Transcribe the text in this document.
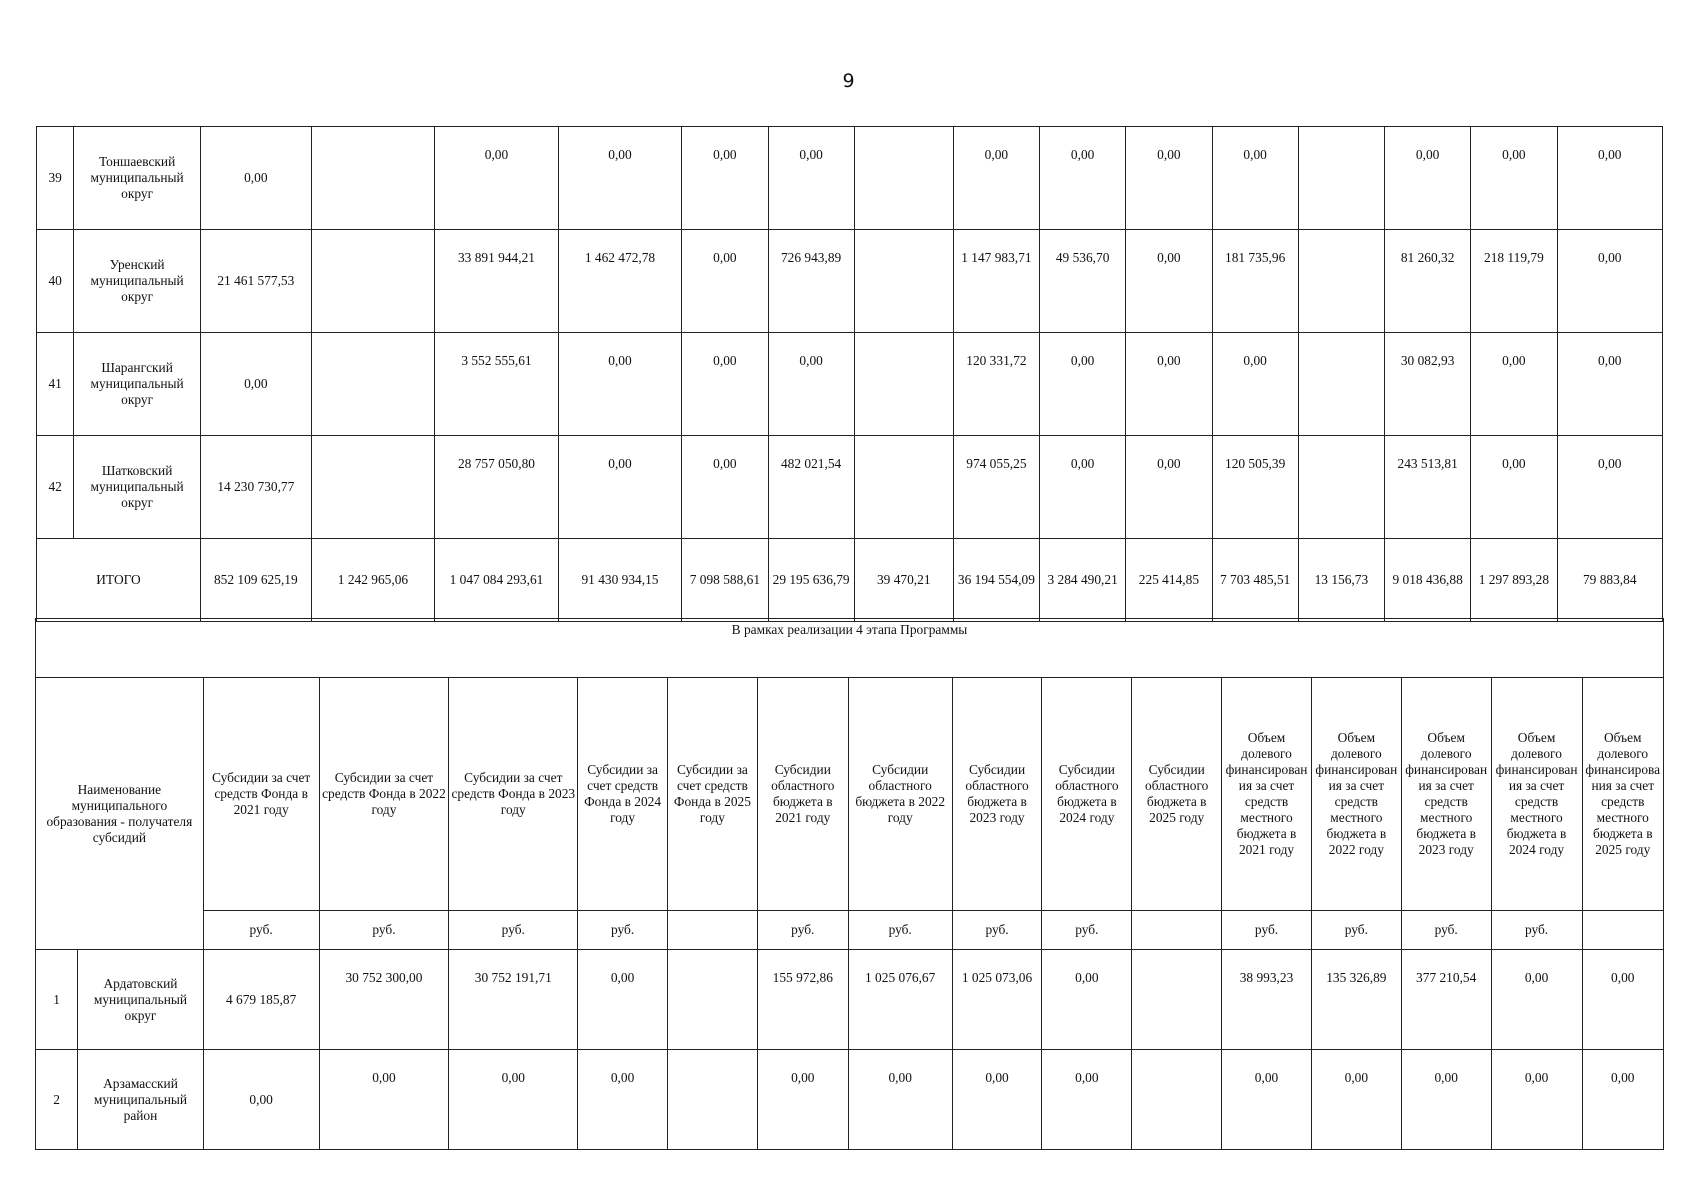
9
39	Тоншаевский муниципальный округ	0,00		0,00	0,00	0,00	0,00		0,00	0,00	0,00	0,00		0,00	0,00	0,00
40	Уренский муниципальный округ	21 461 577,53		33 891 944,21	1 462 472,78	0,00	726 943,89		1 147 983,71	49 536,70	0,00	181 735,96		81 260,32	218 119,79	0,00
41	Шарангский муниципальный округ	0,00		3 552 555,61	0,00	0,00	0,00		120 331,72	0,00	0,00	0,00		30 082,93	0,00	0,00
42	Шатковский муниципальный округ	14 230 730,77		28 757 050,80	0,00	0,00	482 021,54		974 055,25	0,00	0,00	120 505,39		243 513,81	0,00	0,00
ИТОГО		852 109 625,19	1 242 965,06	1 047 084 293,61	91 430 934,15	7 098 588,61	29 195 636,79	39 470,21	36 194 554,09	3 284 490,21	225 414,85	7 703 485,51	13 156,73	9 018 436,88	1 297 893,28	79 883,84
В рамках реализации 4 этапа Программы																
Наименование муниципального образования - получателя субсидий		Субсидии за счет средств Фонда в 2021 году	Субсидии за счет средств Фонда в 2022 году	Субсидии за счет средств Фонда в 2023 году	Субсидии за счет средств Фонда в 2024 году	Субсидии за счет средств Фонда в 2025 году	Субсидии областного бюджета в 2021 году	Субсидии областного бюджета в 2022 году	Субсидии областного бюджета в 2023 году	Субсидии областного бюджета в 2024 году	Субсидии областного бюджета в 2025 году	Объем долевого финансирования за счет средств местного бюджета в 2021 году	Объем долевого финансирования за счет средств местного бюджета в 2022 году	Объем долевого финансирования за счет средств местного бюджета в 2023 году	Объем долевого финансирования за счет средств местного бюджета в 2024 году	Объем долевого финансирования за счет средств местного бюджета в 2025 году
		руб.	руб.	руб.	руб.		руб.	руб.	руб.	руб.		руб.	руб.	руб.	руб.	
1	Ардатовский муниципальный округ	4 679 185,87	30 752 300,00	30 752 191,71	0,00		155 972,86	1 025 076,67	1 025 073,06	0,00		38 993,23	135 326,89	377 210,54	0,00	0,00
2	Арзамасский муниципальный район	0,00	0,00	0,00	0,00		0,00	0,00	0,00	0,00		0,00	0,00	0,00	0,00	0,00
